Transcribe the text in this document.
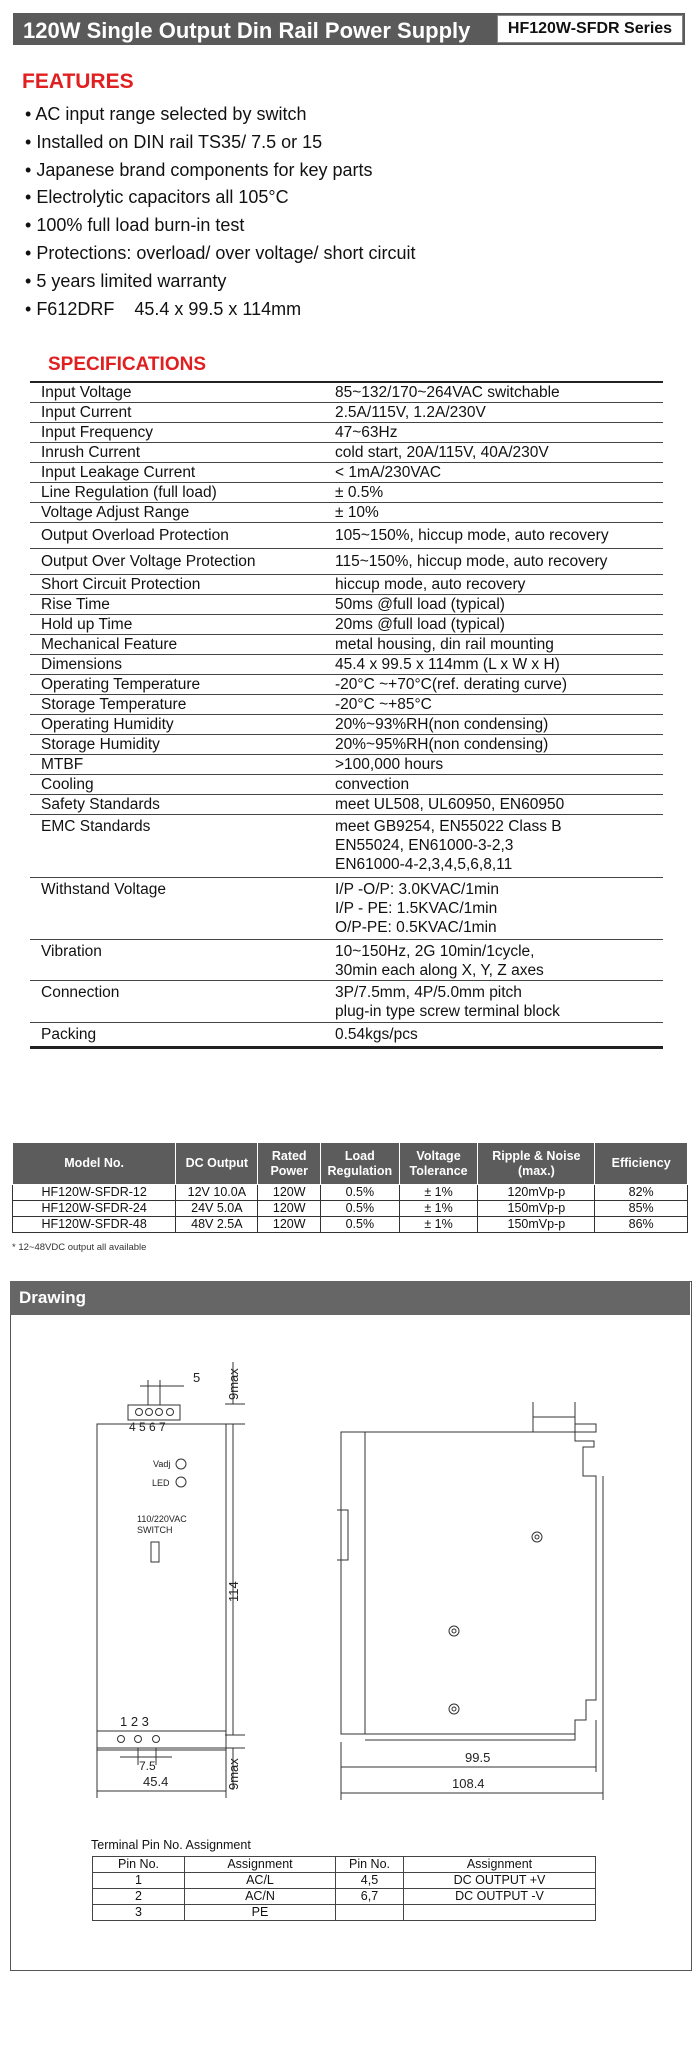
120W Single Output Din Rail Power Supply	HF120W-SFDR Series
FEATURES
• AC input range selected by switch
• Installed on DIN rail TS35/ 7.5 or 15
• Japanese brand components for key parts
• Electrolytic capacitors all 105°C
• 100% full load burn-in test
• Protections: overload/ over voltage/ short circuit
• 5 years limited warranty
• F612DRF    45.4 x 99.5 x 114mm
SPECIFICATIONS
Input Voltage	85~132/170~264VAC switchable
Input Current	2.5A/115V, 1.2A/230V
Input Frequency	47~63Hz
Inrush Current	cold start, 20A/115V, 40A/230V
Input Leakage Current	< 1mA/230VAC
Line Regulation (full load)	± 0.5%
Voltage Adjust Range	± 10%
Output Overload Protection	105~150%, hiccup mode, auto recovery
Output Over Voltage Protection	115~150%, hiccup mode, auto recovery
Short Circuit Protection	hiccup mode, auto recovery
Rise Time	50ms @full load (typical)
Hold up Time	20ms @full load (typical)
Mechanical Feature	metal housing, din rail mounting
Dimensions	45.4 x 99.5 x 114mm (L x W x H)
Operating Temperature	-20°C ~+70°C(ref. derating curve)
Storage Temperature	-20°C ~+85°C
Operating Humidity	20%~93%RH(non condensing)
Storage Humidity	20%~95%RH(non condensing)
MTBF	>100,000 hours
Cooling	convection
Safety Standards	meet UL508, UL60950, EN60950
EMC Standards	meet GB9254, EN55022 Class B
EN55024, EN61000-3-2,3
EN61000-4-2,3,4,5,6,8,11
Withstand Voltage	I/P -O/P: 3.0KVAC/1min
I/P - PE: 1.5KVAC/1min
O/P-PE: 0.5KVAC/1min
Vibration	10~150Hz, 2G 10min/1cycle,
30min each along X, Y, Z axes
Connection	3P/7.5mm, 4P/5.0mm pitch
plug-in type screw terminal block
Packing	0.54kgs/pcs
Model No.	DC Output	Rated Power	Load Regulation	Voltage Tolerance	Ripple & Noise (max.)	Efficiency
HF120W-SFDR-12	12V 10.0A	120W	0.5%	± 1%	120mVp-p	82%
HF120W-SFDR-24	24V 5.0A	120W	0.5%	± 1%	150mVp-p	85%
HF120W-SFDR-48	48V 2.5A	120W	0.5%	± 1%	150mVp-p	86%
* 12~48VDC output all available
Drawing
5 9max
4 5 6 7
114
Vadj
LED
110/220VAC
SWITCH
1 2 3
7.5	9max
45.4
99.5
108.4
Terminal Pin No. Assignment
Pin No.	Assignment	Pin No.	Assignment
1	AC/L	4,5	DC OUTPUT +V
2	AC/N	6,7	DC OUTPUT -V
3	PE		
